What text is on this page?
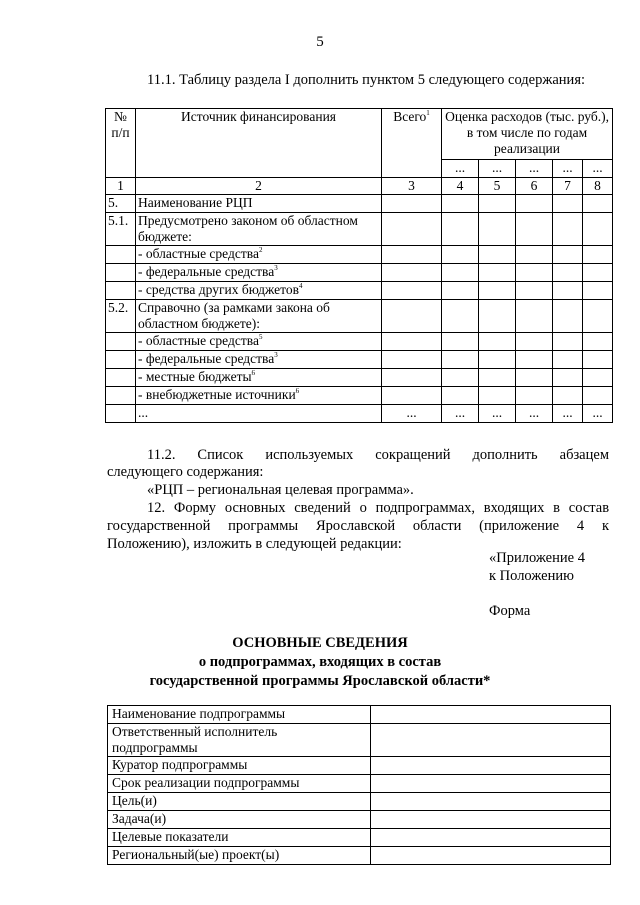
5
11.1. Таблицу раздела I дополнить пунктом 5 следующего содержания:
№ п/п	Источник финансирования	Всего$^1$	Оценка расходов (тыс. руб.), в том числе по годам реализации				
			...	...	...	...	...
1	2	3	4	5	6	7	8
5.	Наименование РЦП						
5.1.	Предусмотрено законом об областном бюджете:						
	- областные средства$^2$						
	- федеральные средства$^3$						
	- средства других бюджетов$^4$						
5.2.	Справочно (за рамками закона об областном бюджете):						
	- областные средства$^5$						
	- федеральные средства$^3$						
	- местные бюджеты$^6$						
	- внебюджетные источники$^6$						
	...	...	...	...	...	...	...
11.2. Список используемых сокращений дополнить абзацем
следующего содержания:
«РЦП – региональная целевая программа».
12. Форму основных сведений о подпрограммах, входящих в состав
государственной программы Ярославской области (приложение 4 к
Положению), изложить в следующей редакции:
«Приложение 4
к Положению
Форма
ОСНОВНЫЕ СВЕДЕНИЯ
о подпрограммах, входящих в состав
государственной программы Ярославской области*
Наименование подпрограммы	
Ответственный исполнитель подпрограммы	
Куратор подпрограммы	
Срок реализации подпрограммы	
Цель(и)	
Задача(и)	
Целевые показатели	
Региональный(ые) проект(ы)	
